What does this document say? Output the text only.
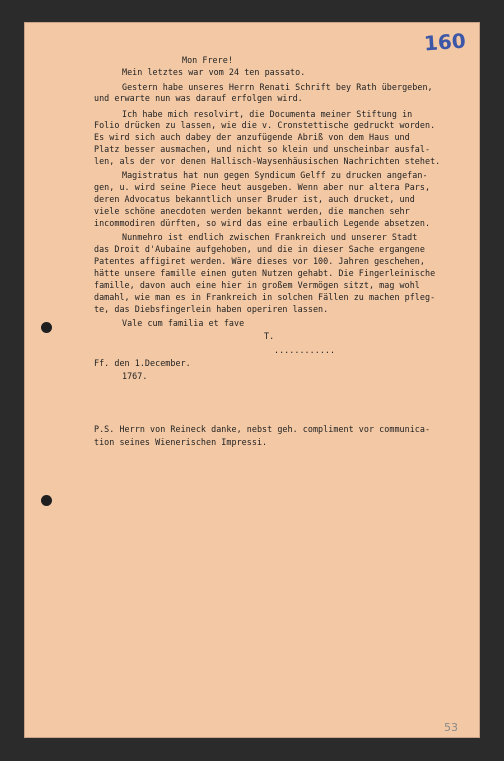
160
Mon Frere!
Mein letztes war vom 24 ten passato.
Gestern habe unseres Herrn Renati Schrift bey Rath übergeben,
und erwarte nun was darauf erfolgen wird.
Ich habe mich resolvirt, die Documenta meiner Stiftung in
Folio drücken zu lassen, wie die v. Cronstettische gedruckt worden.
Es wird sich auch dabey der anzufügende Abriß von dem Haus und
Platz besser ausmachen, und nicht so klein und unscheinbar ausfal-
len, als der vor denen Hallisch-Waysenhäusischen Nachrichten stehet.
Magistratus hat nun gegen Syndicum Gelff zu drucken angefan-
gen, u. wird seine Piece heut ausgeben. Wenn aber nur altera Pars,
deren Advocatus bekanntlich unser Bruder ist, auch drucket, und
viele schöne anecdoten werden bekannt werden, die manchen sehr
incommodiren dürften, so wird das eine erbaulich Legende absetzen.
Nunmehro ist endlich zwischen Frankreich und unserer Stadt
das Droit d'Aubaine aufgehoben, und die in dieser Sache ergangene
Patentes affigiret werden. Wäre dieses vor 100. Jahren geschehen,
hätte unsere famille einen guten Nutzen gehabt. Die Fingerleinische
famille, davon auch eine hier in großem Vermögen sitzt, mag wohl
damahl, wie man es in Frankreich in solchen Fällen zu machen pfleg-
te, das Diebsfingerlein haben operiren lassen.
Vale cum familia et fave
T.
............
Ff. den 1.December.
1767.
P.S. Herrn von Reineck danke, nebst geh. compliment vor communica-
tion seines Wienerischen Impressi.
53
